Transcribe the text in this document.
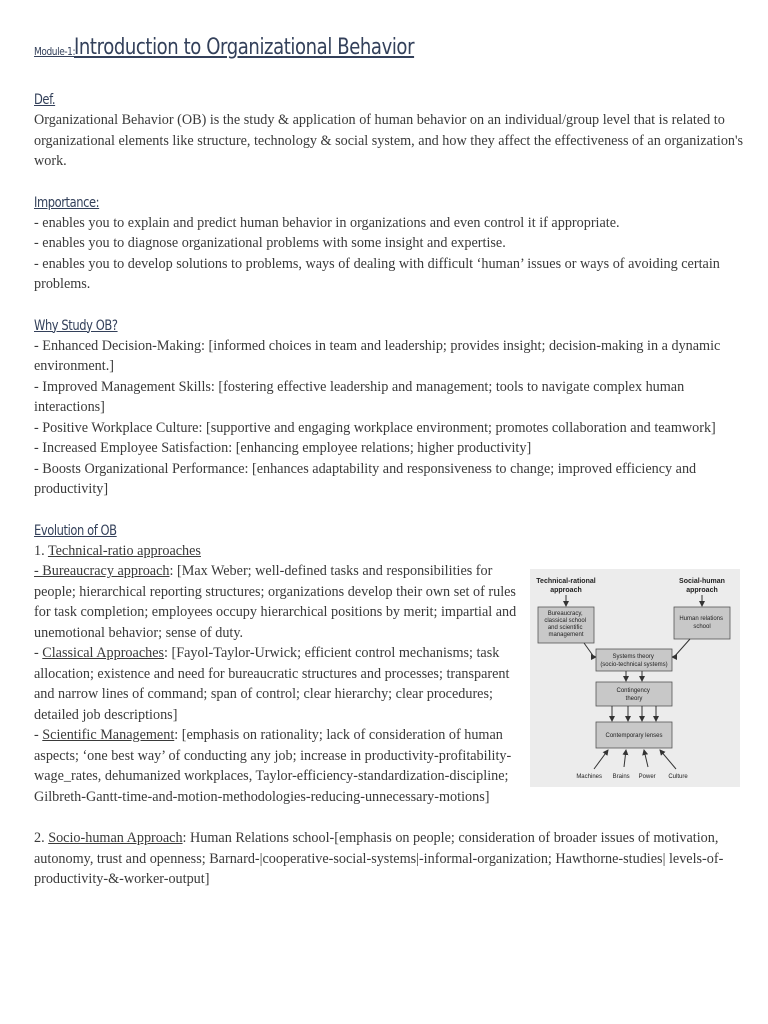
Module-1: Introduction to Organizational Behavior
Def.

Organizational Behavior (OB) is the study & application of human behavior on an individual/group level that is related to organizational elements like structure, technology & social system, and how they affect the effectiveness of an organization's work.

Importance:

- enables you to explain and predict human behavior in organizations and even control it if appropriate.

- enables you to diagnose organizational problems with some insight and expertise.

- enables you to develop solutions to problems, ways of dealing with difficult ‘human’ issues or ways of avoiding certain problems.

Why Study OB?

- Enhanced Decision-Making: [informed choices in team and leadership; provides insight; decision-making in a dynamic environment.]

- Improved Management Skills: [fostering effective leadership and management; tools to navigate complex human interactions]

- Positive Workplace Culture: [supportive and engaging workplace environment; promotes collaboration and teamwork]

- Increased Employee Satisfaction: [enhancing employee relations; higher productivity]

- Boosts Organizational Performance: [enhances adaptability and responsiveness to change; improved efficiency and productivity]

Evolution of OB

1. Technical-ratio approaches

- Bureaucracy approach: [Max Weber; well-defined tasks and responsibilities for people; hierarchical reporting structures; organizations develop their own set of rules for task completion; employees occupy hierarchical positions by merit; impartial and unemotional behavior; sense of duty.

- Classical Approaches: [Fayol-Taylor-Urwick; efficient control mechanisms; task allocation; existence and need for bureaucratic structures and processes; transparent and narrow lines of command; span of control; clear hierarchy; clear procedures; detailed job descriptions]

- Scientific Management: [emphasis on rationality; lack of consideration of human aspects; ‘one best way’ of conducting any job; increase in productivity-profitability-wage_rates, dehumanized workplaces, Taylor-efficiency-standardization-discipline; Gilbreth-Gantt-time-and-motion-methodologies-reducing-unnecessary-motions]

Technical-rational approach
Social-human approach
Bureaucracy, classical school and scientific management
Human relations school
Systems theory (socio-technical systems)
Contingency theory
Contemporary lenses
Machines Brains Power Culture

2. Socio-human Approach: Human Relations school-[emphasis on people; consideration of broader issues of motivation, autonomy, trust and openness; Barnard-|cooperative-social-systems|-informal-organization; Hawthorne-studies| levels-of-productivity-&-worker-output]
